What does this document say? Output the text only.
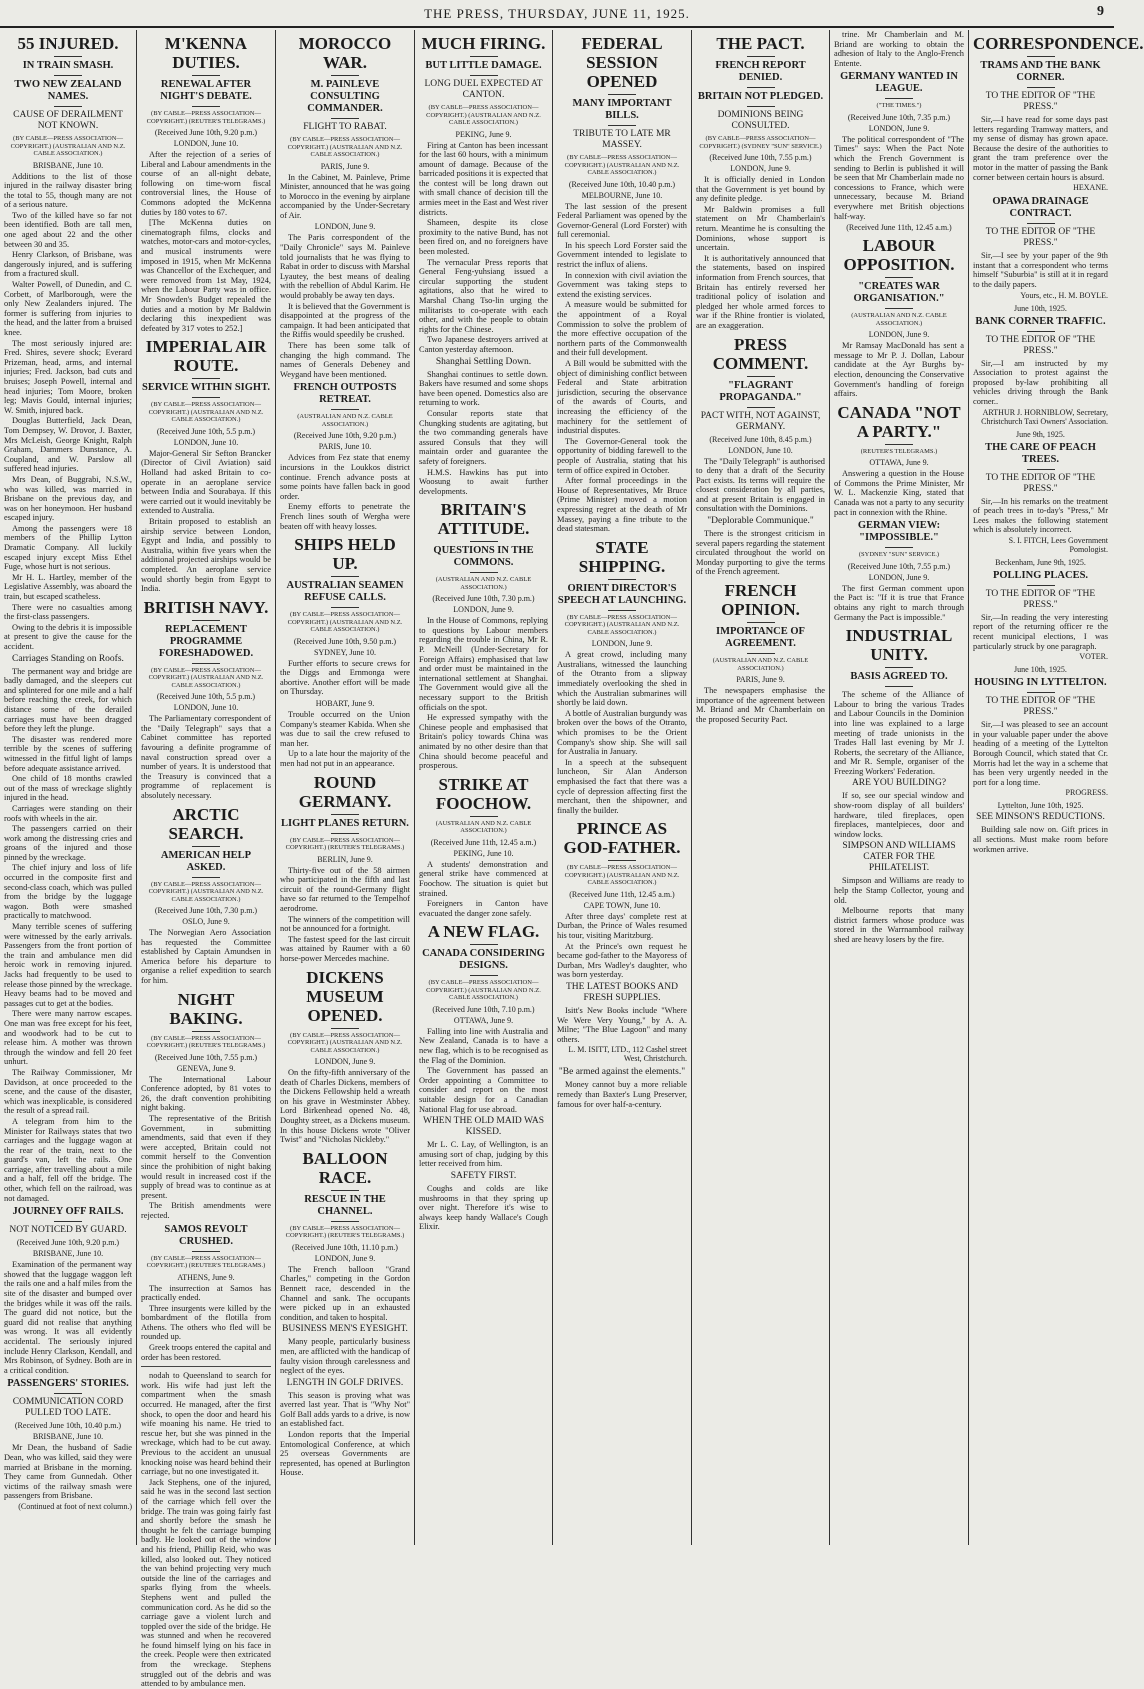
THE PRESS, THURSDAY, JUNE 11, 1925.	9
55 INJURED.
IN TRAIN SMASH.
TWO NEW ZEALAND NAMES.
CAUSE OF DERAILMENT NOT KNOWN.
(BY CABLE—PRESS ASSOCIATION—COPYRIGHT.) (AUSTRALIAN AND N.Z. CABLE ASSOCIATION.)
BRISBANE, June 10.
Additions to the list of those injured in the railway disaster bring the total to 55, though many are not of a serious nature.
Two of the killed have so far not been identified. Both are tall men, one aged about 22 and the other between 30 and 35.
Henry Clarkson, of Brisbane, was dangerously injured, and is suffering from a fractured skull.
Walter Powell, of Dunedin, and C. Corbett, of Marlborough, were the only New Zealanders injured. The former is suffering from injuries to the head, and the latter from a bruised knee.
The most seriously injured are: Fred. Shires, severe shock; Everard Prizeman, head, arms, and internal injuries; Fred. Jackson, bad cuts and bruises; Joseph Powell, internal and head injuries; Tom Moore, broken leg; Mavis Gould, internal injuries; W. Smith, injured back.
Douglas Butterfield, Jack Dean, Tom Dempsey, W. Drovor, J. Baxter, Mrs McLeish, George Knight, Ralph Graham, Dammers Dunstance, A. Coupland, and W. Parslow all suffered head injuries.
Mrs Dean, of Buggrabi, N.S.W., who was killed, was married in Brisbane on the previous day, and was on her honeymoon. Her husband escaped injury.
Among the passengers were 18 members of the Phillip Lytton Dramatic Company. All luckily escaped injury except Miss Ethel Fuge, whose hurt is not serious.
Mr H. L. Hartley, member of the Legislative Assembly, was aboard the train, but escaped scatheless.
There were no casualties among the first-class passengers.
Owing to the debris it is impossible at present to give the cause for the accident.
Carriages Standing on Roofs.
The permanent way and bridge are badly damaged, and the sleepers cut and splintered for one mile and a half before reaching the creek, for which distance some of the derailed carriages must have been dragged before they left the plunge.
The disaster was rendered more terrible by the scenes of suffering witnessed in the fitful light of lamps before adequate assistance arrived.
One child of 18 months crawled out of the mass of wreckage slightly injured in the head.
Carriages were standing on their roofs with wheels in the air.
The passengers carried on their work among the distressing cries and groans of the injured and those pinned by the wreckage.
The chief injury and loss of life occurred in the composite first and second-class coach, which was pulled from the bridge by the luggage wagon. Both were smashed practically to matchwood.
Many terrible scenes of suffering were witnessed by the early arrivals. Passengers from the front portion of the train and ambulance men did heroic work in removing injured. Jacks had frequently to be used to release those pinned by the wreckage. Heavy beams had to be moved and passages cut to get at the bodies.
There were many narrow escapes. One man was free except for his feet, and woodwork had to be cut to release him. A mother was thrown through the window and fell 20 feet unhurt.
The Railway Commissioner, Mr Davidson, at once proceeded to the scene, and the cause of the disaster, which was inexplicable, is considered the result of a spread rail.
A telegram from him to the Minister for Railways states that two carriages and the luggage wagon at the rear of the train, next to the guard's van, left the rails. One carriage, after travelling about a mile and a half, fell off the bridge. The other, which fell on the railroad, was not damaged.
JOURNEY OFF RAILS.
NOT NOTICED BY GUARD.
(Received June 10th, 9.20 p.m.)
BRISBANE, June 10.
Examination of the permanent way showed that the luggage waggon left the rails one and a half miles from the site of the disaster and bumped over the bridges while it was off the rails. The guard did not notice, but the guard did not realise that anything was wrong. It was all evidently accidental. The seriously injured include Henry Clarkson, Kendall, and Mrs Robinson, of Sydney. Both are in a critical condition.
PASSENGERS' STORIES.
COMMUNICATION CORD PULLED TOO LATE.
(Received June 10th, 10.40 p.m.)
BRISBANE, June 10.
Mr Dean, the husband of Sadie Dean, who was killed, said they were married at Brisbane in the morning. They came from Gunnedah. Other victims of the railway smash were passengers from Brisbane.
(Continued at foot of next column.)
M'KENNA DUTIES.
RENEWAL AFTER NIGHT'S DEBATE.
(BY CABLE—PRESS ASSOCIATION—COPYRIGHT.) (REUTER'S TELEGRAMS.)
(Received June 10th, 9.20 p.m.)
LONDON, June 10.
After the rejection of a series of Liberal and Labour amendments in the course of an all-night debate, following on time-worn fiscal controversial lines, the House of Commons adopted the McKenna duties by 180 votes to 67.
[The McKenna duties on cinematograph films, clocks and watches, motor-cars and motor-cycles, and musical instruments were imposed in 1915, when Mr McKenna was Chancellor of the Exchequer, and were removed from 1st May, 1924, when the Labour Party was in office. Mr Snowden's Budget repealed the duties and a motion by Mr Baldwin declaring this inexpedient was defeated by 317 votes to 252.]
IMPERIAL AIR ROUTE.
SERVICE WITHIN SIGHT.
(BY CABLE—PRESS ASSOCIATION—COPYRIGHT.) (AUSTRALIAN AND N.Z. CABLE ASSOCIATION.)
(Received June 10th, 5.5 p.m.)
LONDON, June 10.
Major-General Sir Sefton Brancker (Director of Civil Aviation) said Holland had asked Britain to co-operate in an aeroplane service between India and Sourabaya. If this were carried out it would inevitably be extended to Australia.
Britain proposed to establish an airship service between London, Egypt and India, and possibly to Australia, within five years when the additional projected airships would be completed. An aeroplane service would shortly begin from Egypt to India.
BRITISH NAVY.
REPLACEMENT PROGRAMME FORESHADOWED.
(BY CABLE—PRESS ASSOCIATION—COPYRIGHT.) (AUSTRALIAN AND N.Z. CABLE ASSOCIATION.)
(Received June 10th, 5.5 p.m.)
LONDON, June 10.
The Parliamentary correspondent of the "Daily Telegraph" says that a Cabinet committee has reported favouring a definite programme of naval construction spread over a number of years. It is understood that the Treasury is convinced that a programme of replacement is absolutely necessary.
ARCTIC SEARCH.
AMERICAN HELP ASKED.
(BY CABLE—PRESS ASSOCIATION—COPYRIGHT.) (AUSTRALIAN AND N.Z. CABLE ASSOCIATION.)
(Received June 10th, 7.30 p.m.)
OSLO, June 9.
The Norwegian Aero Association has requested the Committee established by Captain Amundsen in America before his departure to organise a relief expedition to search for him.
NIGHT BAKING.
(BY CABLE—PRESS ASSOCIATION—COPYRIGHT.) (REUTER'S TELEGRAMS.)
(Received June 10th, 7.55 p.m.)
GENEVA, June 9.
The International Labour Conference adopted, by 81 votes to 26, the draft convention prohibiting night baking.
The representative of the British Government, in submitting amendments, said that even if they were accepted, Britain could not commit herself to the Convention since the prohibition of night baking would result in increased cost if the supply of bread was to continue as at present.
The British amendments were rejected.
SAMOS REVOLT CRUSHED.
(BY CABLE—PRESS ASSOCIATION—COPYRIGHT.) (REUTER'S TELEGRAMS.)
ATHENS, June 9.
The insurrection at Samos has practically ended.
Three insurgents were killed by the bombardment of the flotilla from Athens. The others who fled will be rounded up.
Greek troops entered the capital and order has been restored.
nodah to Queensland to search for work. His wife had just left the compartment when the smash occurred. He managed, after the first shock, to open the door and heard his wife moaning his name. He tried to rescue her, but she was pinned in the wreckage, which had to be cut away. Previous to the accident an unusual knocking noise was heard behind their carriage, but no one investigated it.
Jack Stephens, one of the injured, said he was in the second last section of the carriage which fell over the bridge. The train was going fairly fast and shortly before the smash he thought he felt the carriage bumping badly. He looked out of the window and his friend, Phillip Reid, who was killed, also looked out. They noticed the van behind projecting very much outside the line of the carriages and sparks flying from the wheels. Stephens went and pulled the communication cord. As he did so the carriage gave a violent lurch and toppled over the side of the bridge. He was stunned and when he recovered he found himself lying on his face in the creek. People were then extricated from the wreckage. Stephens struggled out of the debris and was attended to by ambulance men.
MOROCCO WAR.
M. PAINLEVE CONSULTING COMMANDER.
FLIGHT TO RABAT.
(BY CABLE—PRESS ASSOCIATION—COPYRIGHT.) (AUSTRALIAN AND N.Z. CABLE ASSOCIATION.)
PARIS, June 9.
In the Cabinet, M. Painleve, Prime Minister, announced that he was going to Morocco in the evening by airplane accompanied by the Under-Secretary of Air.
LONDON, June 9.
The Paris correspondent of the "Daily Chronicle" says M. Painleve told journalists that he was flying to Rabat in order to discuss with Marshal Lyautey, the best means of dealing with the rebellion of Abdul Karim. He would probably be away ten days.
It is believed that the Government is disappointed at the progress of the campaign. It had been anticipated that the Riffis would speedily be crushed.
There has been some talk of changing the high command. The names of Generals Debeney and Weygand have been mentioned.
FRENCH OUTPOSTS RETREAT.
(AUSTRALIAN AND N.Z. CABLE ASSOCIATION.)
(Received June 10th, 9.20 p.m.)
PARIS, June 10.
Advices from Fez state that enemy incursions in the Loukkos district continue. French advance posts at some points have fallen back in good order.
Enemy efforts to penetrate the French lines south of Wergha were beaten off with heavy losses.
SHIPS HELD UP.
AUSTRALIAN SEAMEN REFUSE CALLS.
(BY CABLE—PRESS ASSOCIATION—COPYRIGHT.) (AUSTRALIAN AND N.Z. CABLE ASSOCIATION.)
(Received June 10th, 9.50 p.m.)
SYDNEY, June 10.
Further efforts to secure crews for the Diggs and Ernmonga were abortive. Another effort will be made on Thursday.
HOBART, June 9.
Trouble occurred on the Union Company's steamer Kabida. When she was due to sail the crew refused to man her.
Up to a late hour the majority of the men had not put in an appearance.
ROUND GERMANY.
LIGHT PLANES RETURN.
(BY CABLE—PRESS ASSOCIATION—COPYRIGHT.) (REUTER'S TELEGRAMS.)
BERLIN, June 9.
Thirty-five out of the 58 airmen who participated in the fifth and last circuit of the round-Germany flight have so far returned to the Tempelhof aerodrome.
The winners of the competition will not be announced for a fortnight.
The fastest speed for the last circuit was attained by Raumer with a 60 horse-power Mercedes machine.
DICKENS MUSEUM OPENED.
(BY CABLE—PRESS ASSOCIATION—COPYRIGHT.) (AUSTRALIAN AND N.Z. CABLE ASSOCIATION.)
LONDON, June 9.
On the fifty-fifth anniversary of the death of Charles Dickens, members of the Dickens Fellowship held a wreath on his grave in Westminster Abbey. Lord Birkenhead opened No. 48, Doughty street, as a Dickens museum. In this house Dickens wrote "Oliver Twist" and "Nicholas Nickleby."
BALLOON RACE.
RESCUE IN THE CHANNEL.
(BY CABLE—PRESS ASSOCIATION—COPYRIGHT.) (REUTER'S TELEGRAMS.)
(Received June 10th, 11.10 p.m.)
LONDON, June 9.
The French balloon "Grand Charles," competing in the Gordon Bennett race, descended in the Channel and sank. The occupants were picked up in an exhausted condition, and taken to hospital.
BUSINESS MEN'S EYESIGHT.
Many people, particularly business men, are afflicted with the handicap of faulty vision through carelessness and neglect of the eyes.
LENGTH IN GOLF DRIVES.
This season is proving what was averred last year. That is "Why Not" Golf Ball adds yards to a drive, is now an established fact.
London reports that the Imperial Entomological Conference, at which 25 overseas Governments are represented, has opened at Burlington House.
MUCH FIRING.
BUT LITTLE DAMAGE.
LONG DUEL EXPECTED AT CANTON.
(BY CABLE—PRESS ASSOCIATION—COPYRIGHT.) (AUSTRALIAN AND N.Z. CABLE ASSOCIATION.)
PEKING, June 9.
Firing at Canton has been incessant for the last 60 hours, with a minimum amount of damage. Because of the barricaded positions it is expected that the contest will be long drawn out with small chance of decision till the armies meet in the East and West river districts.
Shameen, despite its close proximity to the native Bund, has not been fired on, and no foreigners have been molested.
The vernacular Press reports that General Feng-yuhsiang issued a circular supporting the student agitations, also that he wired to Marshal Chang Tso-lin urging the militarists to co-operate with each other, and with the people to obtain rights for the Chinese.
Two Japanese destroyers arrived at Canton yesterday afternoon.
Shanghai Settling Down.
Shanghai continues to settle down. Bakers have resumed and some shops have been opened. Domestics also are returning to work.
Consular reports state that Chungking students are agitating, but the two commanding generals have assured Consuls that they will maintain order and guarantee the safety of foreigners.
H.M.S. Hawkins has put into Woosung to await further developments.
BRITAIN'S ATTITUDE.
QUESTIONS IN THE COMMONS.
(AUSTRALIAN AND N.Z. CABLE ASSOCIATION.)
(Received June 10th, 7.30 p.m.)
LONDON, June 9.
In the House of Commons, replying to questions by Labour members regarding the trouble in China, Mr R. P. McNeill (Under-Secretary for Foreign Affairs) emphasised that law and order must be maintained in the international settlement at Shanghai. The Government would give all the necessary support to the British officials on the spot.
He expressed sympathy with the Chinese people and emphasised that Britain's policy towards China was animated by no other desire than that China should become peaceful and prosperous.
STRIKE AT FOOCHOW.
(AUSTRALIAN AND N.Z. CABLE ASSOCIATION.)
(Received June 11th, 12.45 a.m.)
PEKING, June 10.
A students' demonstration and general strike have commenced at Foochow. The situation is quiet but strained.
Foreigners in Canton have evacuated the danger zone safely.
A NEW FLAG.
CANADA CONSIDERING DESIGNS.
(BY CABLE—PRESS ASSOCIATION—COPYRIGHT.) (AUSTRALIAN AND N.Z. CABLE ASSOCIATION.)
(Received June 10th, 7.10 p.m.)
OTTAWA, June 9.
Falling into line with Australia and New Zealand, Canada is to have a new flag, which is to be recognised as the Flag of the Dominion.
The Government has passed an Order appointing a Committee to consider and report on the most suitable design for a Canadian National Flag for use abroad.
WHEN THE OLD MAID WAS KISSED.
Mr L. C. Lay, of Wellington, is an amusing sort of chap, judging by this letter received from him.
SAFETY FIRST.
Coughs and colds are like mushrooms in that they spring up over night. Therefore it's wise to always keep handy Wallace's Cough Elixir.
FEDERAL SESSION OPENED
MANY IMPORTANT BILLS.
TRIBUTE TO LATE MR MASSEY.
(BY CABLE—PRESS ASSOCIATION—COPYRIGHT.) (AUSTRALIAN AND N.Z. CABLE ASSOCIATION.)
(Received June 10th, 10.40 p.m.)
MELBOURNE, June 10.
The last session of the present Federal Parliament was opened by the Governor-General (Lord Forster) with full ceremonial.
In his speech Lord Forster said the Government intended to legislate to restrict the influx of aliens.
In connexion with civil aviation the Government was taking steps to extend the existing services.
A measure would be submitted for the appointment of a Royal Commission to solve the problem of the more effective occupation of the northern parts of the Commonwealth and their full development.
A Bill would be submitted with the object of diminishing conflict between Federal and State arbitration jurisdiction, securing the observance of the awards of Courts, and increasing the efficiency of the machinery for the settlement of industrial disputes.
The Governor-General took the opportunity of bidding farewell to the people of Australia, stating that his term of office expired in October.
After formal proceedings in the House of Representatives, Mr Bruce (Prime Minister) moved a motion expressing regret at the death of Mr Massey, paying a fine tribute to the dead statesman.
STATE SHIPPING.
ORIENT DIRECTOR'S SPEECH AT LAUNCHING.
(BY CABLE—PRESS ASSOCIATION—COPYRIGHT.) (AUSTRALIAN AND N.Z. CABLE ASSOCIATION.)
LONDON, June 9.
A great crowd, including many Australians, witnessed the launching of the Otranto from a slipway immediately overlooking the shed in which the Australian submarines will shortly be laid down.
A bottle of Australian burgundy was broken over the bows of the Otranto, which promises to be the Orient Company's show ship. She will sail for Australia in January.
In a speech at the subsequent luncheon, Sir Alan Anderson emphasised the fact that there was a cycle of depression affecting first the merchant, then the shipowner, and finally the builder.
PRINCE AS GOD-FATHER.
(BY CABLE—PRESS ASSOCIATION—COPYRIGHT.) (AUSTRALIAN AND N.Z. CABLE ASSOCIATION.)
(Received June 11th, 12.45 a.m.)
CAPE TOWN, June 10.
After three days' complete rest at Durban, the Prince of Wales resumed his tour, visiting Maritzburg.
At the Prince's own request he became god-father to the Mayoress of Durban, Mrs Wadley's daughter, who was born yesterday.
THE LATEST BOOKS AND FRESH SUPPLIES.
Isitt's New Books include "Where We Were Very Young," by A. A. Milne; "The Blue Lagoon" and many others.
L. M. ISITT, LTD., 112 Cashel street West, Christchurch.
"Be armed against the elements."
Money cannot buy a more reliable remedy than Baxter's Lung Preserver, famous for over half-a-century.
THE PACT.
FRENCH REPORT DENIED.
BRITAIN NOT PLEDGED.
DOMINIONS BEING CONSULTED.
(BY CABLE—PRESS ASSOCIATION—COPYRIGHT.) (SYDNEY "SUN" SERVICE.)
(Received June 10th, 7.55 p.m.)
LONDON, June 9.
It is officially denied in London that the Government is yet bound by any definite pledge.
Mr Baldwin promises a full statement on Mr Chamberlain's return. Meantime he is consulting the Dominions, whose support is uncertain.
It is authoritatively announced that the statements, based on inspired information from French sources, that Britain has entirely reversed her traditional policy of isolation and pledged her whole armed forces to war if the Rhine frontier is violated, are an exaggeration.
PRESS COMMENT.
"FLAGRANT PROPAGANDA."
PACT WITH, NOT AGAINST, GERMANY.
(Received June 10th, 8.45 p.m.)
LONDON, June 10.
The "Daily Telegraph" is authorised to deny that a draft of the Security Pact exists. Its terms will require the closest consideration by all parties, and at present Britain is engaged in consultation with the Dominions.
"Deplorable Communique."
There is the strongest criticism in several papers regarding the statement circulated throughout the world on Monday purporting to give the terms of the French agreement.
FRENCH OPINION.
IMPORTANCE OF AGREEMENT.
(AUSTRALIAN AND N.Z. CABLE ASSOCIATION.)
PARIS, June 9.
The newspapers emphasise the importance of the agreement between M. Briand and Mr Chamberlain on the proposed Security Pact.
trine. Mr Chamberlain and M. Briand are working to obtain the adhesion of Italy to the Anglo-French Entente.
GERMANY WANTED IN LEAGUE.
("THE TIMES.")
(Received June 10th, 7.35 p.m.)
LONDON, June 9.
The political correspondent of "The Times" says: When the Pact Note which the French Government is sending to Berlin is published it will be seen that Mr Chamberlain made no concessions to France, which were unnecessary, because M. Briand everywhere met British objections half-way.
(Received June 11th, 12.45 a.m.)
LABOUR OPPOSITION.
"CREATES WAR ORGANISATION."
(AUSTRALIAN AND N.Z. CABLE ASSOCIATION.)
LONDON, June 9.
Mr Ramsay MacDonald has sent a message to Mr P. J. Dollan, Labour candidate at the Ayr Burghs by-election, denouncing the Conservative Government's handling of foreign affairs.
CANADA "NOT A PARTY."
(REUTER'S TELEGRAMS.)
OTTAWA, June 9.
Answering a question in the House of Commons the Prime Minister, Mr W. L. Mackenzie King, stated that Canada was not a party to any security pact in connexion with the Rhine.
GERMAN VIEW: "IMPOSSIBLE."
(SYDNEY "SUN" SERVICE.)
(Received June 10th, 7.55 p.m.)
LONDON, June 9.
The first German comment upon the Pact is: "If it is true that France obtains any right to march through Germany the Pact is impossible."
INDUSTRIAL UNITY.
BASIS AGREED TO.
The scheme of the Alliance of Labour to bring the various Trades and Labour Councils in the Dominion into line was explained to a large meeting of trade unionists in the Trades Hall last evening by Mr J. Roberts, the secretary of the Alliance, and Mr R. Semple, organiser of the Freezing Workers' Federation.
ARE YOU BUILDING?
If so, see our special window and show-room display of all builders' hardware, tiled fireplaces, open fireplaces, mantelpieces, door and window locks.
SIMPSON AND WILLIAMS CATER FOR THE PHILATELIST.
Simpson and Williams are ready to help the Stamp Collector, young and old.
Melbourne reports that many district farmers whose produce was stored in the Warrnambool railway shed are heavy losers by the fire.
CORRESPONDENCE.
TRAMS AND THE BANK CORNER.
TO THE EDITOR OF "THE PRESS."
Sir,—I have read for some days past letters regarding Tramway matters, and my sense of dismay has grown apace. Because the desire of the authorities to grant the tram preference over the motor in the matter of passing the Bank corner between certain hours is absurd.
HEXANE.
OPAWA DRAINAGE CONTRACT.
TO THE EDITOR OF "THE PRESS."
Sir,—I see by your paper of the 9th instant that a correspondent who terms himself "Suburbia" is still at it in regard to the daily papers.
Yours, etc., H. M. BOYLE.
June 10th, 1925.
BANK CORNER TRAFFIC.
TO THE EDITOR OF "THE PRESS."
Sir,—I am instructed by my Association to protest against the proposed by-law prohibiting all vehicles driving through the Bank corner..
ARTHUR J. HORNIBLOW, Secretary, Christchurch Taxi Owners' Association.
June 9th, 1925.
THE CARE OF PEACH TREES.
TO THE EDITOR OF "THE PRESS."
Sir,—In his remarks on the treatment of peach trees in to-day's "Press," Mr Lees makes the following statement which is absolutely incorrect.
S. I. FITCH, Lees Government Pomologist.
Beckenham, June 9th, 1925.
POLLING PLACES.
TO THE EDITOR OF "THE PRESS."
Sir,—In reading the very interesting report of the returning officer re the recent municipal elections, I was particularly struck by one paragraph.
VOTER.
June 10th, 1925.
HOUSING IN LYTTELTON.
TO THE EDITOR OF "THE PRESS."
Sir,—I was pleased to see an account in your valuable paper under the above heading of a meeting of the Lyttelton Borough Council, which stated that Cr. Morris had let the way in a scheme that has been very urgently needed in the port for a long time.
PROGRESS.
Lyttelton, June 10th, 1925.
SEE MINSON'S REDUCTIONS.
Building sale now on. Gift prices in all sections. Must make room before workmen arrive.
